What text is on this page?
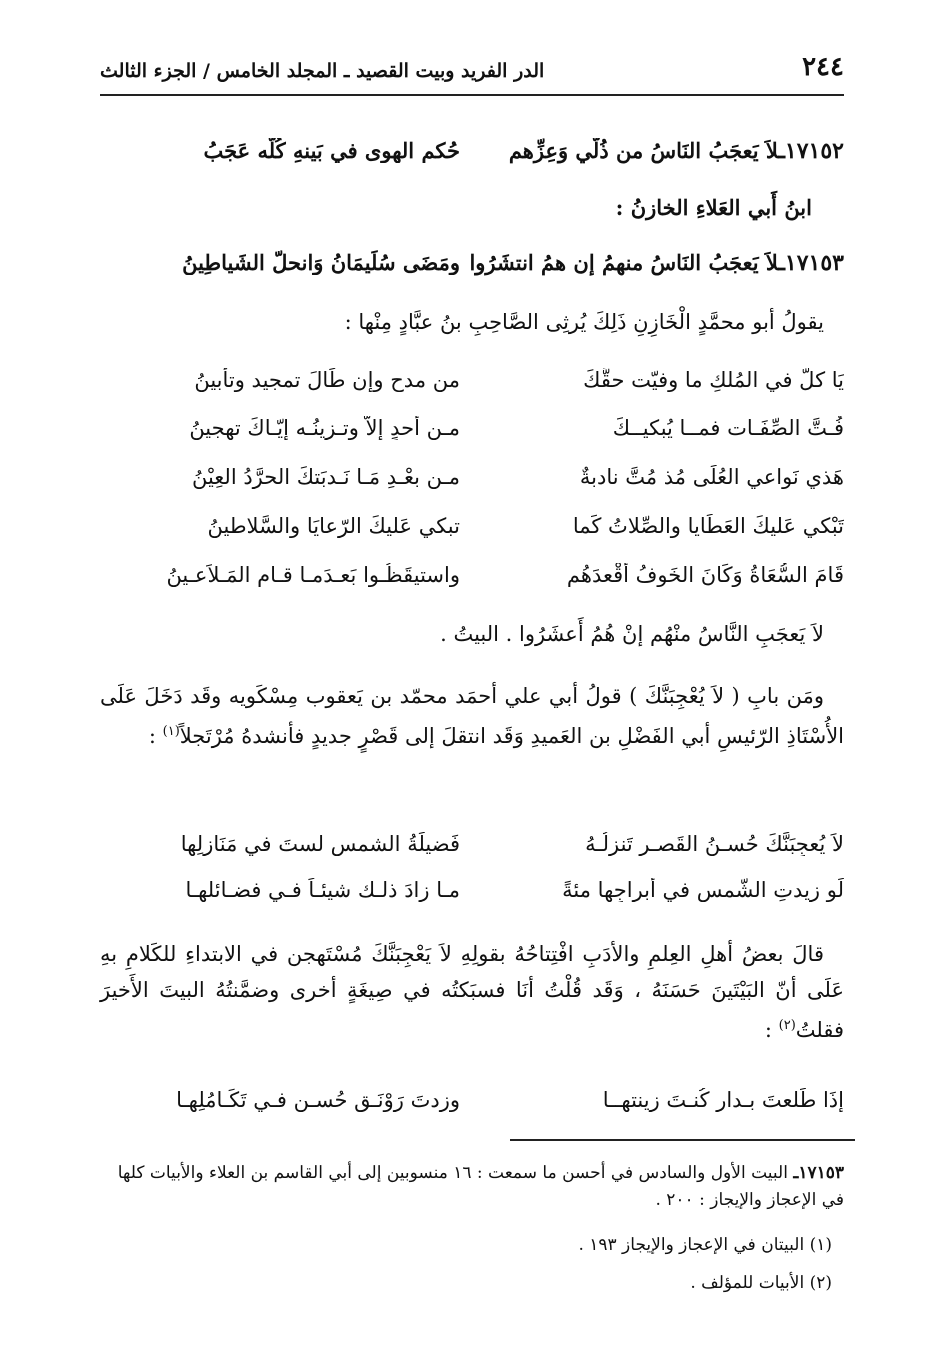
٢٤٤
الدر الفريد وبيت القصيد ـ المجلد الخامس / الجزء الثالث
١٧١٥٢ـلاَ يَعجَبُ النَاسُ من ذُلّي وَعِزِّهم
حُكم الهوى في بَينهِ كُلُّه عَجَبُ
ابنُ أَبي العَلاءِ الخازنُ :
١٧١٥٣ـلاَ يَعجَبُ النَاسُ منهمُ إن همُ انتشَرُوا
ومَضَى سُلَيمَانُ وَانحلّ الشَياطِينُ
يقولُ أبو محمَّدٍ الْخَازِنِ ذَلِكَ يُرثِى الصَّاحِبِ بنُ عبَّادٍ مِنْها :
يَا كلُّ في المُلكِ ما وفيّت حقَّكَ
من مدحٍ وإن طَالَ تمجيد وتأبينُ
فُـتَّ الصِّفَـات فمــا يُبكيــكَ
مـن أحدٍ إلاّ وتـزينُـه إيّـاكَ تهجينُ
هَذي نَواعي العُلَى مُذ مُتَّ نادبةٌ
مـن بعْـدِ مَـا نَـدبَتكَ الحرَّدُ العِيْنُ
تَبْكي عَليكَ العَطَايا والصِّلاتُ كَما
تبكي عَليكَ الرّعايَا والسَّلاطينُ
قَامَ السُّعَاةُ وَكَانَ الخَوفُ أَقْعدَهُم
واستيقَظُـوا بَعـدَمـا قـام المَـلاَعـينُ
لاَ يَعجَبِ النَّاسُ منْهُم إنْ هُمُ أَعشَرُوا . البيتُ .
ومَن بابِ ( لاَ يُعْجِبَنَّكَ ) قولُ أبي علي أحمَد محمّد بن يَعقوب مِسْكَويه وقَد دَخَلَ عَلَى الأُسْتَاذِ الرّئيسِ أبي الفَضْلِ بن العَميدِ وَقَد انتقلَ إلى قَصْرٍ جديدٍ فأنشدهُ مُرْتَجلاً$^{(١)}$ :
لاَ يُعجِبَنَّكَ حُسـنُ القَصـرِ تَنزِلُـهُ
فَضيلَةُ الشمس لستَ في مَنَازِلِها
لَو زيدتِ الشّمس في أبراجِها مئةً
مـا زادَ ذلـك شيئـاً فـي فضـائلهـا
قالَ بعضُ أهلِ العِلمِ والأدَبِ افْتِتاحُهُ بقولِهِ لاَ يَعْجِبَنَّكَ مُسْتَهجن في الابتداءِ للكَلامِ بهِ عَلَى أنّ البَيْتَينَ حَسَنَهُ ، وَقَد قُلْتُ أنَا فسبَكتُه في صِيغَةٍ أخرى وضمَّنتُهُ البيتَ الأَخيرَ فقلتُ$^{(٢)}$ :
إذَا طَلعتَ بـدارٍ كُنـتَ زينتهــا
وزدتَ رَوْنَـق حُسـنٍ فـي تَكَـامُلِهـا
١٧١٥٣ـ البيت الأول والسادس في أحسن ما سمعت : ١٦ منسوبين إلى أبي القاسم بن العلاء والأبيات كلها في الإعجاز والإيجاز : ٢٠٠ .
(١) البيتان في الإعجاز والإيجاز ١٩٣ .
(٢) الأبيات للمؤلف .
